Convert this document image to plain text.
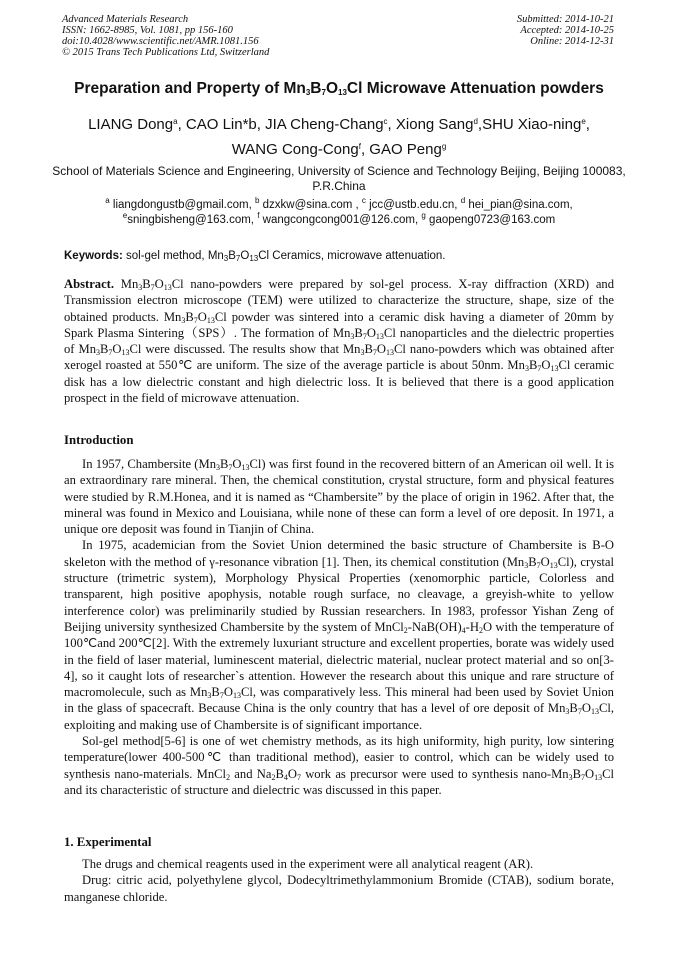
Advanced Materials Research
ISSN: 1662-8985, Vol. 1081, pp 156-160
doi:10.4028/www.scientific.net/AMR.1081.156
© 2015 Trans Tech Publications Ltd, Switzerland
Submitted: 2014-10-21
Accepted: 2014-10-25
Online: 2014-12-31
Preparation and Property of $Mn_3B_7O_{13}Cl$ Microwave Attenuation powders
LIANG Dong$^a$, CAO Lin*b, JIA Cheng-Chang$^c$, Xiong Sang$^d$,SHU Xiao-ning$^e$,
WANG Cong-Cong$^f$, GAO Peng$^g$
School of Materials Science and Engineering, University of Science and Technology Beijing, Beijing 100083, P.R.China
$^a$ liangdongustb@gmail.com, $^b$ dzxkw@sina.com , $^c$ jcc@ustb.edu.cn, $^d$ hei_pian@sina.com,
$^e$sningbisheng@163.com, $^f$ wangcongcong001@126.com, $^g$ gaopeng0723@163.com
Keywords: sol-gel method, $Mn_3B_7O_{13}Cl$ Ceramics, microwave attenuation.

Abstract. $Mn_3B_7O_{13}Cl$ nano-powders were prepared by sol-gel process. X-ray diffraction (XRD) and Transmission electron microscope (TEM) were utilized to characterize the structure, shape, size of the obtained products. $Mn_3B_7O_{13}Cl$ powder was sintered into a ceramic disk having a diameter of 20mm by Spark Plasma Sintering（SPS）. The formation of $Mn_3B_7O_{13}Cl$ nanoparticles and the dielectric properties of $Mn_3B_7O_{13}Cl$ were discussed. The results show that $Mn_3B_7O_{13}Cl$ nano-powders which was obtained after xerogel roasted at 550℃ are uniform. The size of the average particle is about 50nm. $Mn_3B_7O_{13}Cl$ ceramic disk has a low dielectric constant and high dielectric loss. It is believed that there is a good application prospect in the field of microwave attenuation.

Introduction

In 1957, Chambersite $(Mn_3B_7O_{13}Cl)$ was first found in the recovered bittern of an American oil well. It is an extraordinary rare mineral. Then, the chemical constitution, crystal structure, form and physical features were studied by R.M.Honea, and it is named as “Chambersite” by the place of origin in 1962. After that, the mineral was found in Mexico and Louisiana, while none of these can form a level of ore deposit. In 1971, a unique ore deposit was found in Tianjin of China.

In 1975, academician from the Soviet Union determined the basic structure of Chambersite is B-O skeleton with the method of γ-resonance vibration [1]. Then, its chemical constitution $(Mn_3B_7O_{13}Cl)$, crystal structure (trimetric system), Morphology Physical Properties (xenomorphic particle, Colorless and transparent, high positive apophysis, notable rough surface, no cleavage, a greyish-white to yellow interference color) was preliminarily studied by Russian researchers. In 1983, professor Yishan Zeng of Beijing university synthesized Chambersite by the system of $MnCl_2-NaB(OH)_4-H_2O$ with the temperature of 100℃and 200℃[2]. With the extremely luxuriant structure and excellent properties, borate was widely used in the field of laser material, luminescent material, dielectric material, nuclear protect material and so on[3-4], so it caught lots of researcher`s attention. However the research about this unique and rare structure of macromolecule, such as $Mn_3B_7O_{13}Cl$, was comparatively less. This mineral had been used by Soviet Union in the glass of spacecraft. Because China is the only country that has a level of ore deposit of $Mn_3B_7O_{13}Cl$, exploiting and making use of Chambersite is of significant importance.

Sol-gel method[5-6] is one of wet chemistry methods, as its high uniformity, high purity, low sintering temperature(lower 400-500℃ than traditional method), easier to control, which can be widely used to synthesis nano-materials. MnCl$_2$ and $Na_2B_4O_7$ work as precursor were used to synthesis nano-$Mn_3B_7O_{13}Cl$ and its characteristic of structure and dielectric was discussed in this paper.

1. Experimental

The drugs and chemical reagents used in the experiment were all analytical reagent (AR).

Drug: citric acid, polyethylene glycol, Dodecyltrimethylammonium Bromide (CTAB), sodium borate, manganese chloride.
